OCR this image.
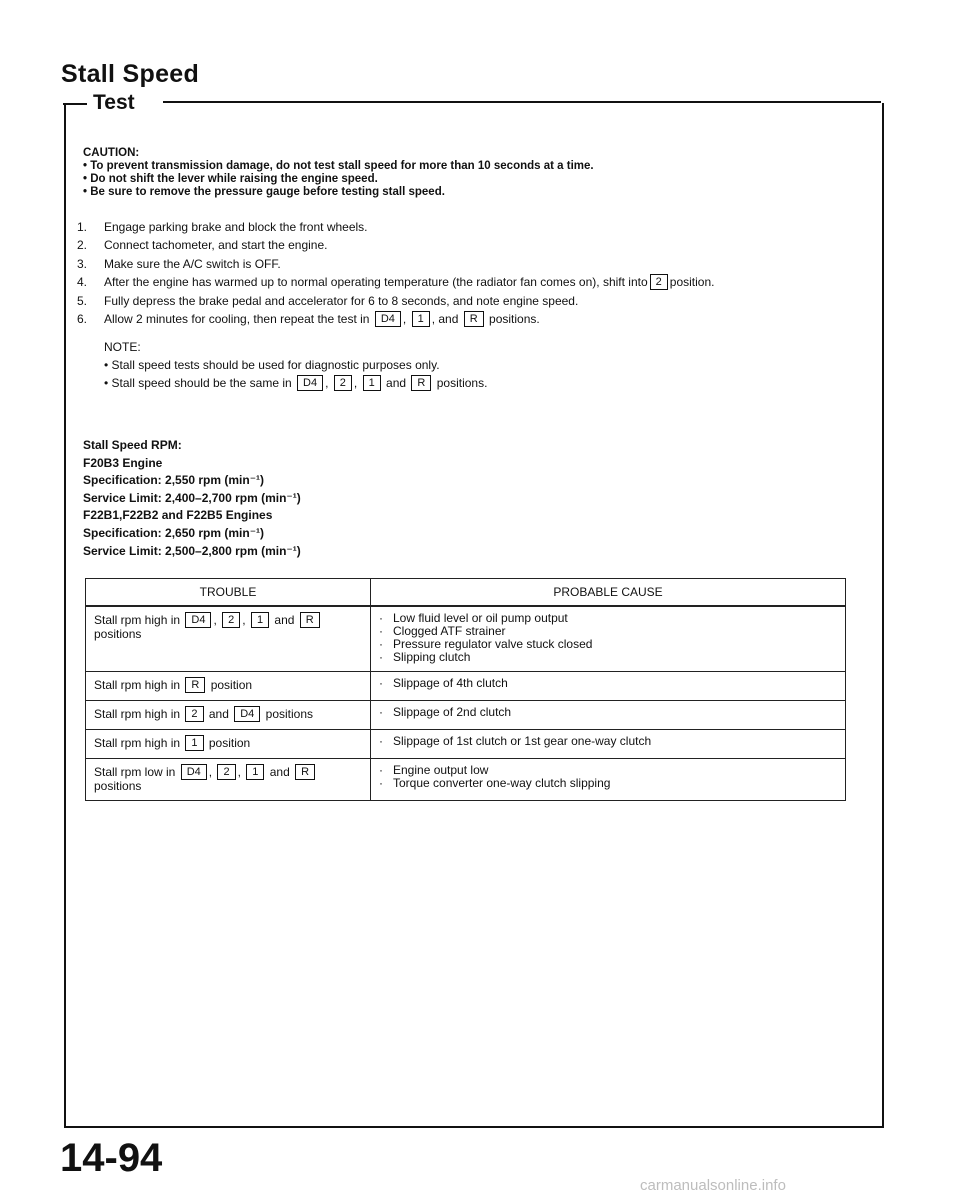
Stall Speed
Test
CAUTION:
• To prevent transmission damage, do not test stall speed for more than 10 seconds at a time.
• Do not shift the lever while raising the engine speed.
• Be sure to remove the pressure gauge before testing stall speed.
1.	Engage parking brake and block the front wheels.
2.	Connect tachometer, and start the engine.
3.	Make sure the A/C switch is OFF.
4.	After the engine has warmed up to normal operating temperature (the radiator fan comes on), shift into 2 position.
5.	Fully depress the brake pedal and accelerator for 6 to 8 seconds, and note engine speed.
6.	Allow 2 minutes for cooling, then repeat the test in D4 , 1 , and R positions.
NOTE:
• Stall speed tests should be used for diagnostic purposes only.
• Stall speed should be the same in D4 , 2 , 1 and R positions.
Stall Speed RPM:
F20B3 Engine
Specification: 2,550 rpm (min⁻¹)
Service Limit: 2,400–2,700 rpm (min⁻¹)
F22B1,F22B2 and F22B5 Engines
Specification: 2,650 rpm (min⁻¹)
Service Limit: 2,500–2,800 rpm (min⁻¹)
TROUBLE	PROBABLE CAUSE
Stall rpm high in D4 , 2 , 1 and R
positions	· Low fluid level or oil pump output
· Clogged ATF strainer
· Pressure regulator valve stuck closed
· Slipping clutch

Stall rpm high in R position	· Slippage of 4th clutch

Stall rpm high in 2 and D4 positions	· Slippage of 2nd clutch

Stall rpm high in 1 position	· Slippage of 1st clutch or 1st gear one-way clutch

Stall rpm low in D4 , 2 , 1 and R
positions	· Engine output low
· Torque converter one-way clutch slipping
14-94
carmanualsonline.info
